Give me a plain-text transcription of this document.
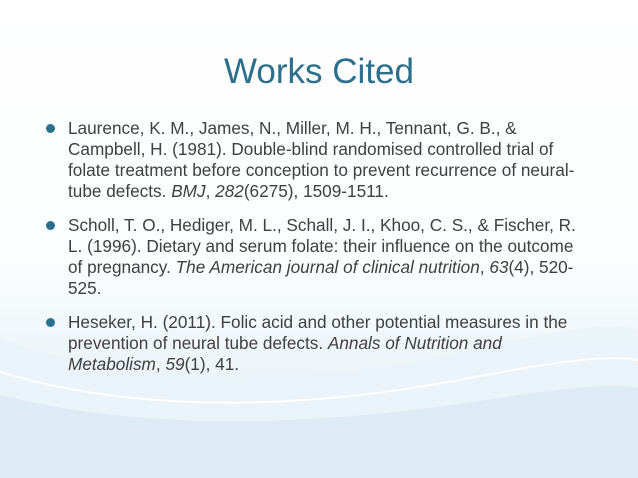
Works Cited
Laurence, K. M., James, N., Miller, M. H., Tennant, G. B., & Campbell, H. (1981). Double-blind randomised controlled trial of folate treatment before conception to prevent recurrence of neural-tube defects. BMJ, 282(6275), 1509-1511.
Scholl, T. O., Hediger, M. L., Schall, J. I., Khoo, C. S., & Fischer, R. L. (1996). Dietary and serum folate: their influence on the outcome of pregnancy. The American journal of clinical nutrition, 63(4), 520-525.
Heseker, H. (2011). Folic acid and other potential measures in the prevention of neural tube defects. Annals of Nutrition and Metabolism, 59(1), 41.
